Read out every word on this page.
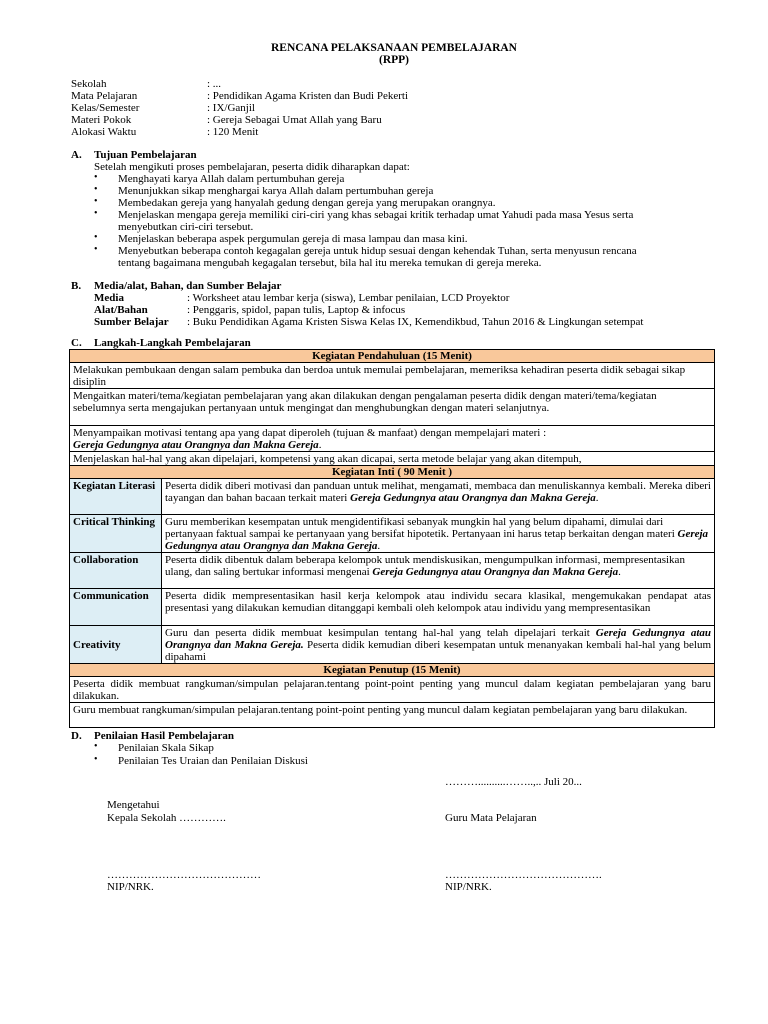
RENCANA PELAKSANAAN PEMBELAJARAN
(RPP)
Sekolah	: ...
Mata Pelajaran	: Pendidikan Agama Kristen dan Budi Pekerti
Kelas/Semester	: IX/Ganjil
Materi Pokok	: Gereja Sebagai Umat Allah yang Baru
Alokasi Waktu	: 120 Menit
A. Tujuan Pembelajaran
Setelah mengikuti proses pembelajaran, peserta didik diharapkan dapat:
• Menghayati karya Allah dalam pertumbuhan gereja
• Menunjukkan sikap menghargai karya Allah dalam pertumbuhan gereja
• Membedakan gereja yang hanyalah gedung dengan gereja yang merupakan orangnya.
• Menjelaskan mengapa gereja memiliki ciri-ciri yang khas sebagai kritik terhadap umat Yahudi pada masa Yesus serta
menyebutkan ciri-ciri tersebut.
• Menjelaskan beberapa aspek pergumulan gereja di masa lampau dan masa kini.
• Menyebutkan beberapa contoh kegagalan gereja untuk hidup sesuai dengan kehendak Tuhan, serta menyusun rencana
tentang bagaimana mengubah kegagalan tersebut, bila hal itu mereka temukan di gereja mereka.
B. Media/alat, Bahan, dan Sumber Belajar
Media	: Worksheet atau lembar kerja (siswa), Lembar penilaian, LCD Proyektor
Alat/Bahan	: Penggaris, spidol, papan tulis, Laptop & infocus
Sumber Belajar : Buku Pendidikan Agama Kristen Siswa Kelas IX, Kemendikbud, Tahun 2016 & Lingkungan setempat
C. Langkah-Langkah Pembelajaran
Kegiatan Pendahuluan (15 Menit)	
Melakukan pembukaan dengan salam pembuka dan berdoa untuk memulai pembelajaran, memeriksa kehadiran peserta didik sebagai sikap disiplin	
Mengaitkan materi/tema/kegiatan pembelajaran yang akan dilakukan dengan pengalaman peserta didik dengan materi/tema/kegiatan sebelumnya serta mengajukan pertanyaan untuk mengingat dan menghubungkan dengan materi selanjutnya.	
Menyampaikan motivasi tentang apa yang dapat diperoleh (tujuan & manfaat) dengan mempelajari materi :
Gereja Gedungnya atau Orangnya dan Makna Gereja.	
Menjelaskan hal-hal yang akan dipelajari, kompetensi yang akan dicapai, serta metode belajar yang akan ditempuh,	
Kegiatan Inti ( 90 Menit )	
Kegiatan Literasi	Peserta didik diberi motivasi dan panduan untuk melihat, mengamati, membaca dan menuliskannya kembali. Mereka diberi tayangan dan bahan bacaan terkait materi Gereja Gedungnya atau Orangnya dan Makna Gereja.
Critical Thinking	Guru memberikan kesempatan untuk mengidentifikasi sebanyak mungkin hal yang belum dipahami, dimulai dari pertanyaan faktual sampai ke pertanyaan yang bersifat hipotetik. Pertanyaan ini harus tetap berkaitan dengan materi Gereja Gedungnya atau Orangnya dan Makna Gereja.
Collaboration	Peserta didik dibentuk dalam beberapa kelompok untuk mendiskusikan, mengumpulkan informasi, mempresentasikan ulang, dan saling bertukar informasi mengenai Gereja Gedungnya atau Orangnya dan Makna Gereja.
Communication	Peserta didik mempresentasikan hasil kerja kelompok atau individu secara klasikal, mengemukakan pendapat atas presentasi yang dilakukan kemudian ditanggapi kembali oleh kelompok atau individu yang mempresentasikan
Creativity	Guru dan peserta didik membuat kesimpulan tentang hal-hal yang telah dipelajari terkait Gereja Gedungnya atau Orangnya dan Makna Gereja. Peserta didik kemudian diberi kesempatan untuk menanyakan kembali hal-hal yang belum dipahami
Kegiatan Penutup (15 Menit)	
Peserta didik membuat rangkuman/simpulan pelajaran.tentang point-point penting yang muncul dalam kegiatan pembelajaran yang baru dilakukan.	
Guru membuat rangkuman/simpulan pelajaran.tentang point-point penting yang muncul dalam kegiatan pembelajaran yang baru dilakukan.	
D. Penilaian Hasil Pembelajaran
• Penilaian Skala Sikap
• Penilaian Tes Uraian dan Penilaian Diskusi
………..........……..,.. Juli 20...
Mengetahui
Kepala Sekolah ………….	Guru Mata Pelajaran
……………………………………	…………………………………….
NIP/NRK.	NIP/NRK.
